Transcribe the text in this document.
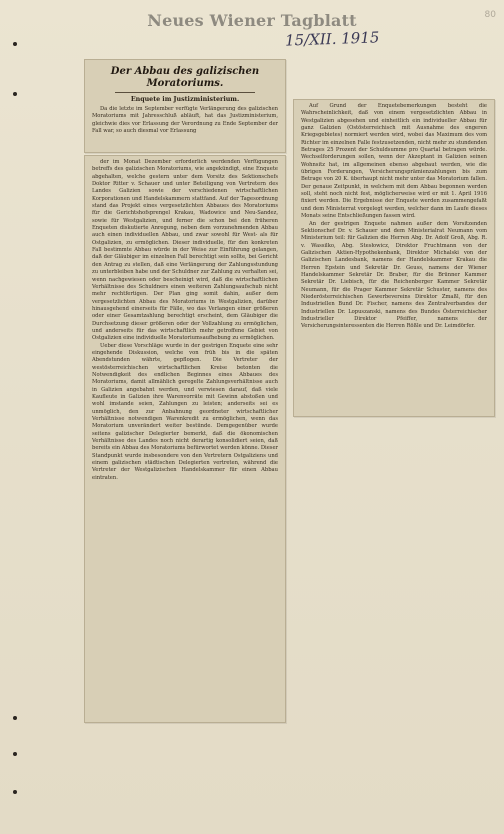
Neues Wiener Tagblatt	80
15/XII. 1915
Der Abbau des galizischen
Moratoriums.
Enquete im Justizministerium.

Da die letzte im September verfügte Verlängerung des galizischen Moratoriums mit Jahresschluß abläuft, hat das Justizministerium, gleichwie dies vor Erlassung der Verordnung zu Ende September der Fall war, so auch diesmal vor Erlassung

der im Monat Dezember erforderlich werdenden Verfügungen betreffs des galizischen Moratoriums, wie angekündigt, eine Enquete abgehalten, welche gestern unter dem Vorsitz des Sektionschefs Doktor Ritter v. Schauer und unter Beteiligung von Vertretern des Landes Galizien sowie der verschiedenen wirtschaftlichen Korporationen und Handelskammern stattfand. Auf der Tagesordnung stand das Projekt eines vergesetzlichten Abbaues des Moratoriums für die Gerichtshofsprengel Krakau, Wadowice und Neu-Sandez, sowie für Westgalizien, und ferner die schon bei den früheren Enqueten diskutierte Anregung, neben dem vorzunehmenden Abbau auch einen individuellen Abbau, und zwar sowohl für West- als für Ostgalizien, zu ermöglichen. Dieser individuelle, für den konkreten Fall bestimmte Abbau würde in der Weise zur Einführung gelangen, daß der Gläubiger im einzelnen Fall berechtigt sein sollte, bei Gericht den Antrag zu stellen, daß eine Verlängerung der Zahlungsstundung zu unterbleiben habe und der Schuldner zur Zahlung zu verhalten sei, wenn nachgewiesen oder bescheinigt wird, daß die wirtschaftlichen Verhältnisse des Schuldners einen weiteren Zahlungsaufschub nicht mehr rechtfertigen. Der Plan ging somit dahin, außer dem vergesetzlichten Abbau des Moratoriums in Westgalizien, darüber hinausgehend einerseits für Fälle, wo das Verlangen einer größeren oder einer Gesamtzahlung berechtigt erscheint, dem Gläubiger die Durchsetzung dieser größeren oder der Vollzahlung zu ermöglichen, und anderseits für das wirtschaftlich mehr getroffene Gebiet von Ostgalizien eine individuelle Moratoriumsaufhebung zu ermöglichen.

Ueber diese Vorschläge wurde in der gestrigen Enquete eine sehr eingehende Diskussion, welche von früh bis in die späten Abendstunden währte, gepflogen. Die Vertreter der westösterreichischen wirtschaftlichen Kreise betonten die Notwendigkeit des endlichen Beginnes eines Abbaues des Moratoriums, damit allmählich geregelte Zahlungsverhältnisse auch in Galizien angebahnt werden, und verwiesen darauf, daß viele Kaufleute in Galizien ihre Warenvorräte mit Gewinn abstoßen und wohl imstande seien, Zahlungen zu leisten; anderseits sei es unmöglich, den zur Anbahnung geordneter wirtschaftlicher Verhältnisse notwendigen Warenkredit zu ermöglichen, wenn das Moratorium unverändert weiter bestünde. Demgegenüber wurde seitens galizischer Delegierter bemerkt, daß die ökonomischen Verhältnisse des Landes noch nicht derartig konsolidiert seien, daß bereits ein Abbau des Moratoriums befürwortet werden könne. Dieser Standpunkt wurde insbesondere von den Vertretern Ostgaliziens und einem galizischen städtischen Delegierten vertreten, während die Vertreter der Westgalizischen Handelskammer für einen Abbau eintraten.

Auf Grund der Enquetebemerkungen besteht die Wahrscheinlichkeit, daß von einem vergesetzlichten Abbau in Westgalizien abgesehen und einheitlich ein individueller Abbau für ganz Galizien (Ostösterreichisch mit Ausnahme des engeren Kriegsgebietes) normiert werden wird, wobei das Maximum des vom Richter im einzelnen Falle festzusetzenden, nicht mehr zu stundenden Betrages 25 Prozent der Schuldsumme pro Quartal betragen würde. Wechselforderungen sollen, wenn der Akzeptant in Galizien seinen Wohnsitz hat, im allgemeinen ebenso abgebaut werden, wie die übrigen Forderungen, Versicherungsprämienzahlungen bis zum Betrage von 20 K. überhaupt nicht mehr unter das Moratorium fallen. Der genaue Zeitpunkt, in welchem mit dem Abbau begonnen werden soll, steht noch nicht fest, möglicherweise wird er mit 1. April 1916 fixiert werden. Die Ergebnisse der Enquete werden zusammengefaßt und dem Ministerrat vorgelegt werden, welcher dann im Laufe dieses Monats seine Entschließungen fassen wird.

An der gestrigen Enquete nahmen außer dem Vorsitzenden Sektionschef Dr. v. Schauer und dem Ministerialrat Neumann vom Ministerium teil: für Galizien die Herren Abg. Dr. Adolf Groß, Abg. R. v. Wassilko, Abg. Stesłowicz, Direktor Fruchtmann von der Galizischen Aktien-Hypothekenbank, Direktor Michalski von der Galizischen Landesbank, namens der Handelskammer Krakau die Herren Epstein und Sekretär Dr. Geuss, namens der Wiener Handelskammer Sekretär Dr. Braber, für die Brünner Kammer Sekretär Dr. Liebisch, für die Reichenberger Kammer Sekretär Neumann, für die Prager Kammer Sekretär Schuster, namens des Niederösterreichischen Gewerbevereins Direktor Zmaßl, für den Industriellen Bund Dr. Fischer, namens des Zentralverbandes der Industriellen Dr. Lopuszanski, namens des Bundes Österreichischer Industrieller Direktor Pfeiffer, namens der Versicherungsinteressenten die Herren Rößle und Dr. Leimdörfer.
